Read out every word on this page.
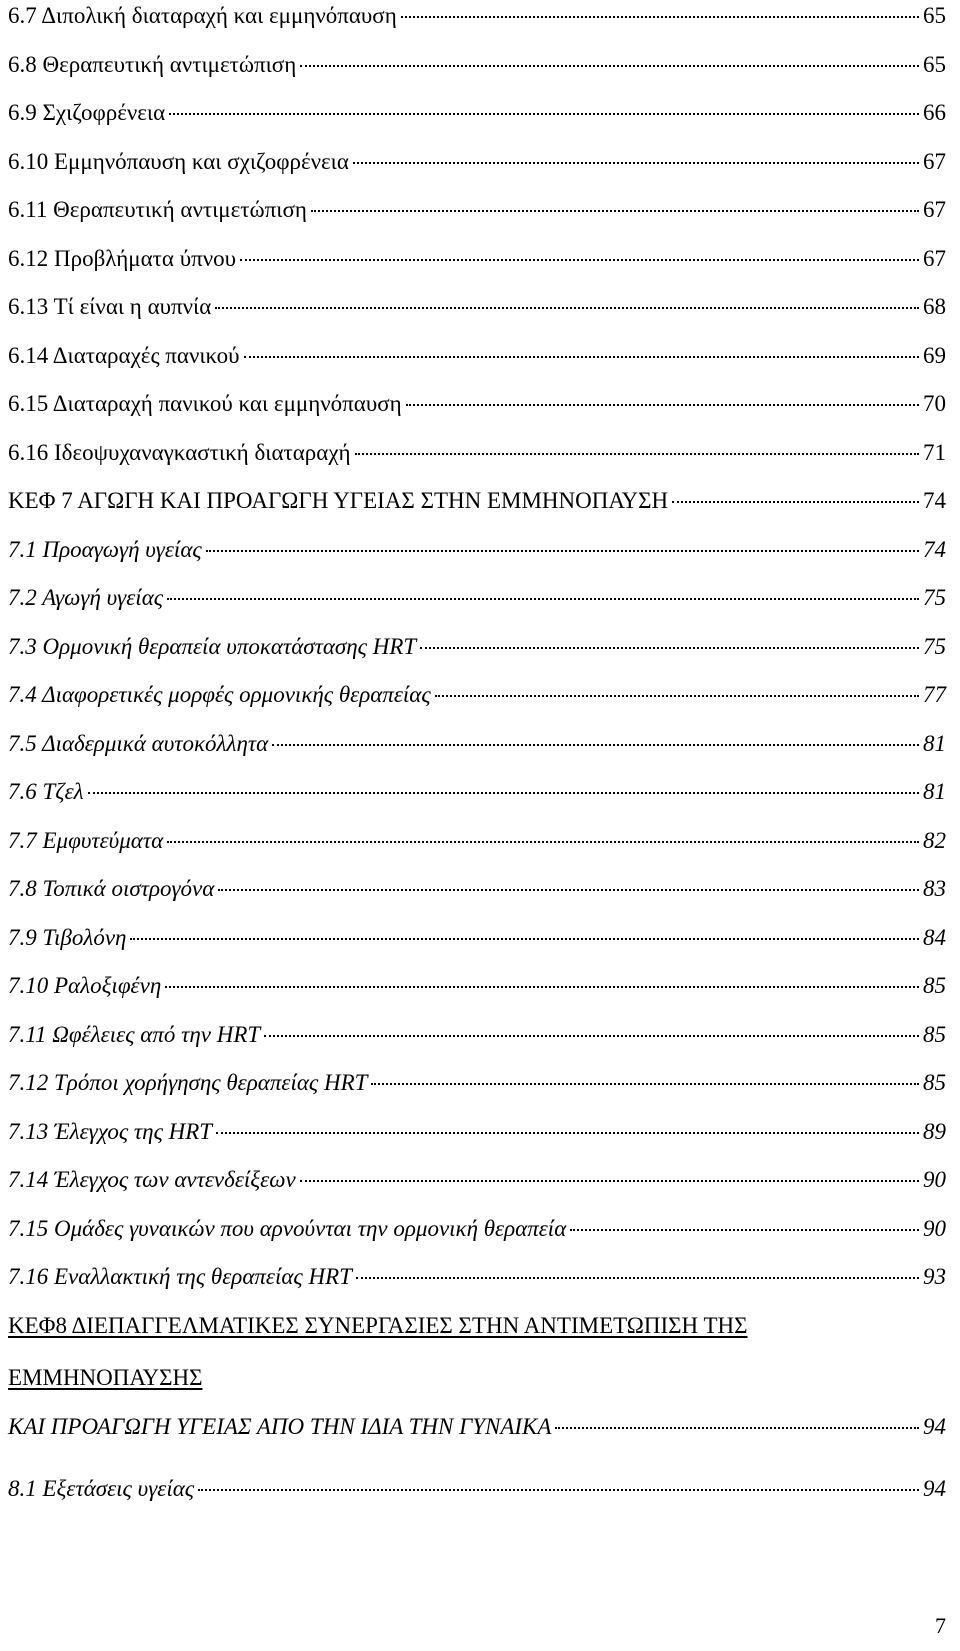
6.7 Διπολική διαταραχή και εμμηνόπαυση	65
6.8 Θεραπευτική αντιμετώπιση	65
6.9 Σχιζοφρένεια	66
6.10 Εμμηνόπαυση και σχιζοφρένεια	67
6.11 Θεραπευτική αντιμετώπιση	67
6.12 Προβλήματα ύπνου	67
6.13 Τί είναι η αυπνία	68
6.14 Διαταραχές πανικού	69
6.15 Διαταραχή πανικού και εμμηνόπαυση	70
6.16 Ιδεοψυχαναγκαστική διαταραχή	71
ΚΕΦ 7 ΑΓΩΓΗ ΚΑΙ ΠΡΟΑΓΩΓΗ ΥΓΕΙΑΣ ΣΤΗΝ ΕΜΜΗΝΟΠΑΥΣΗ	74
7.1 Προαγωγή υγείας	74
7.2 Αγωγή υγείας	75
7.3 Ορμονική θεραπεία υποκατάστασης HRT	75
7.4 Διαφορετικές μορφές ορμονικής θεραπείας	77
7.5 Διαδερμικά αυτοκόλλητα	81
7.6 Τζελ	81
7.7 Εμφυτεύματα	82
7.8 Τοπικά οιστρογόνα	83
7.9 Τιβολόνη	84
7.10 Ραλοξιφένη	85
7.11 Ωφέλειες από την HRT	85
7.12 Τρόποι χορήγησης θεραπείας HRT	85
7.13 Έλεγχος της HRT	89
7.14 Έλεγχος των αντενδείξεων	90
7.15 Ομάδες γυναικών που αρνούνται την ορμονική θεραπεία	90
7.16 Εναλλακτική της θεραπείας HRT	93
ΚΕΦ8 ΔΙΕΠΑΓΓΕΛΜΑΤΙΚΕΣ ΣΥΝΕΡΓΑΣΙΕΣ ΣΤΗΝ ΑΝΤΙΜΕΤΩΠΙΣΗ ΤΗΣ
ΕΜΜΗΝΟΠΑΥΣΗΣ
ΚΑΙ ΠΡΟΑΓΩΓΗ ΥΓΕΙΑΣ ΑΠΟ ΤΗΝ ΙΔΙΑ ΤΗΝ ΓΥΝΑΙΚΑ	94
8.1 Εξετάσεις υγείας	94
7
